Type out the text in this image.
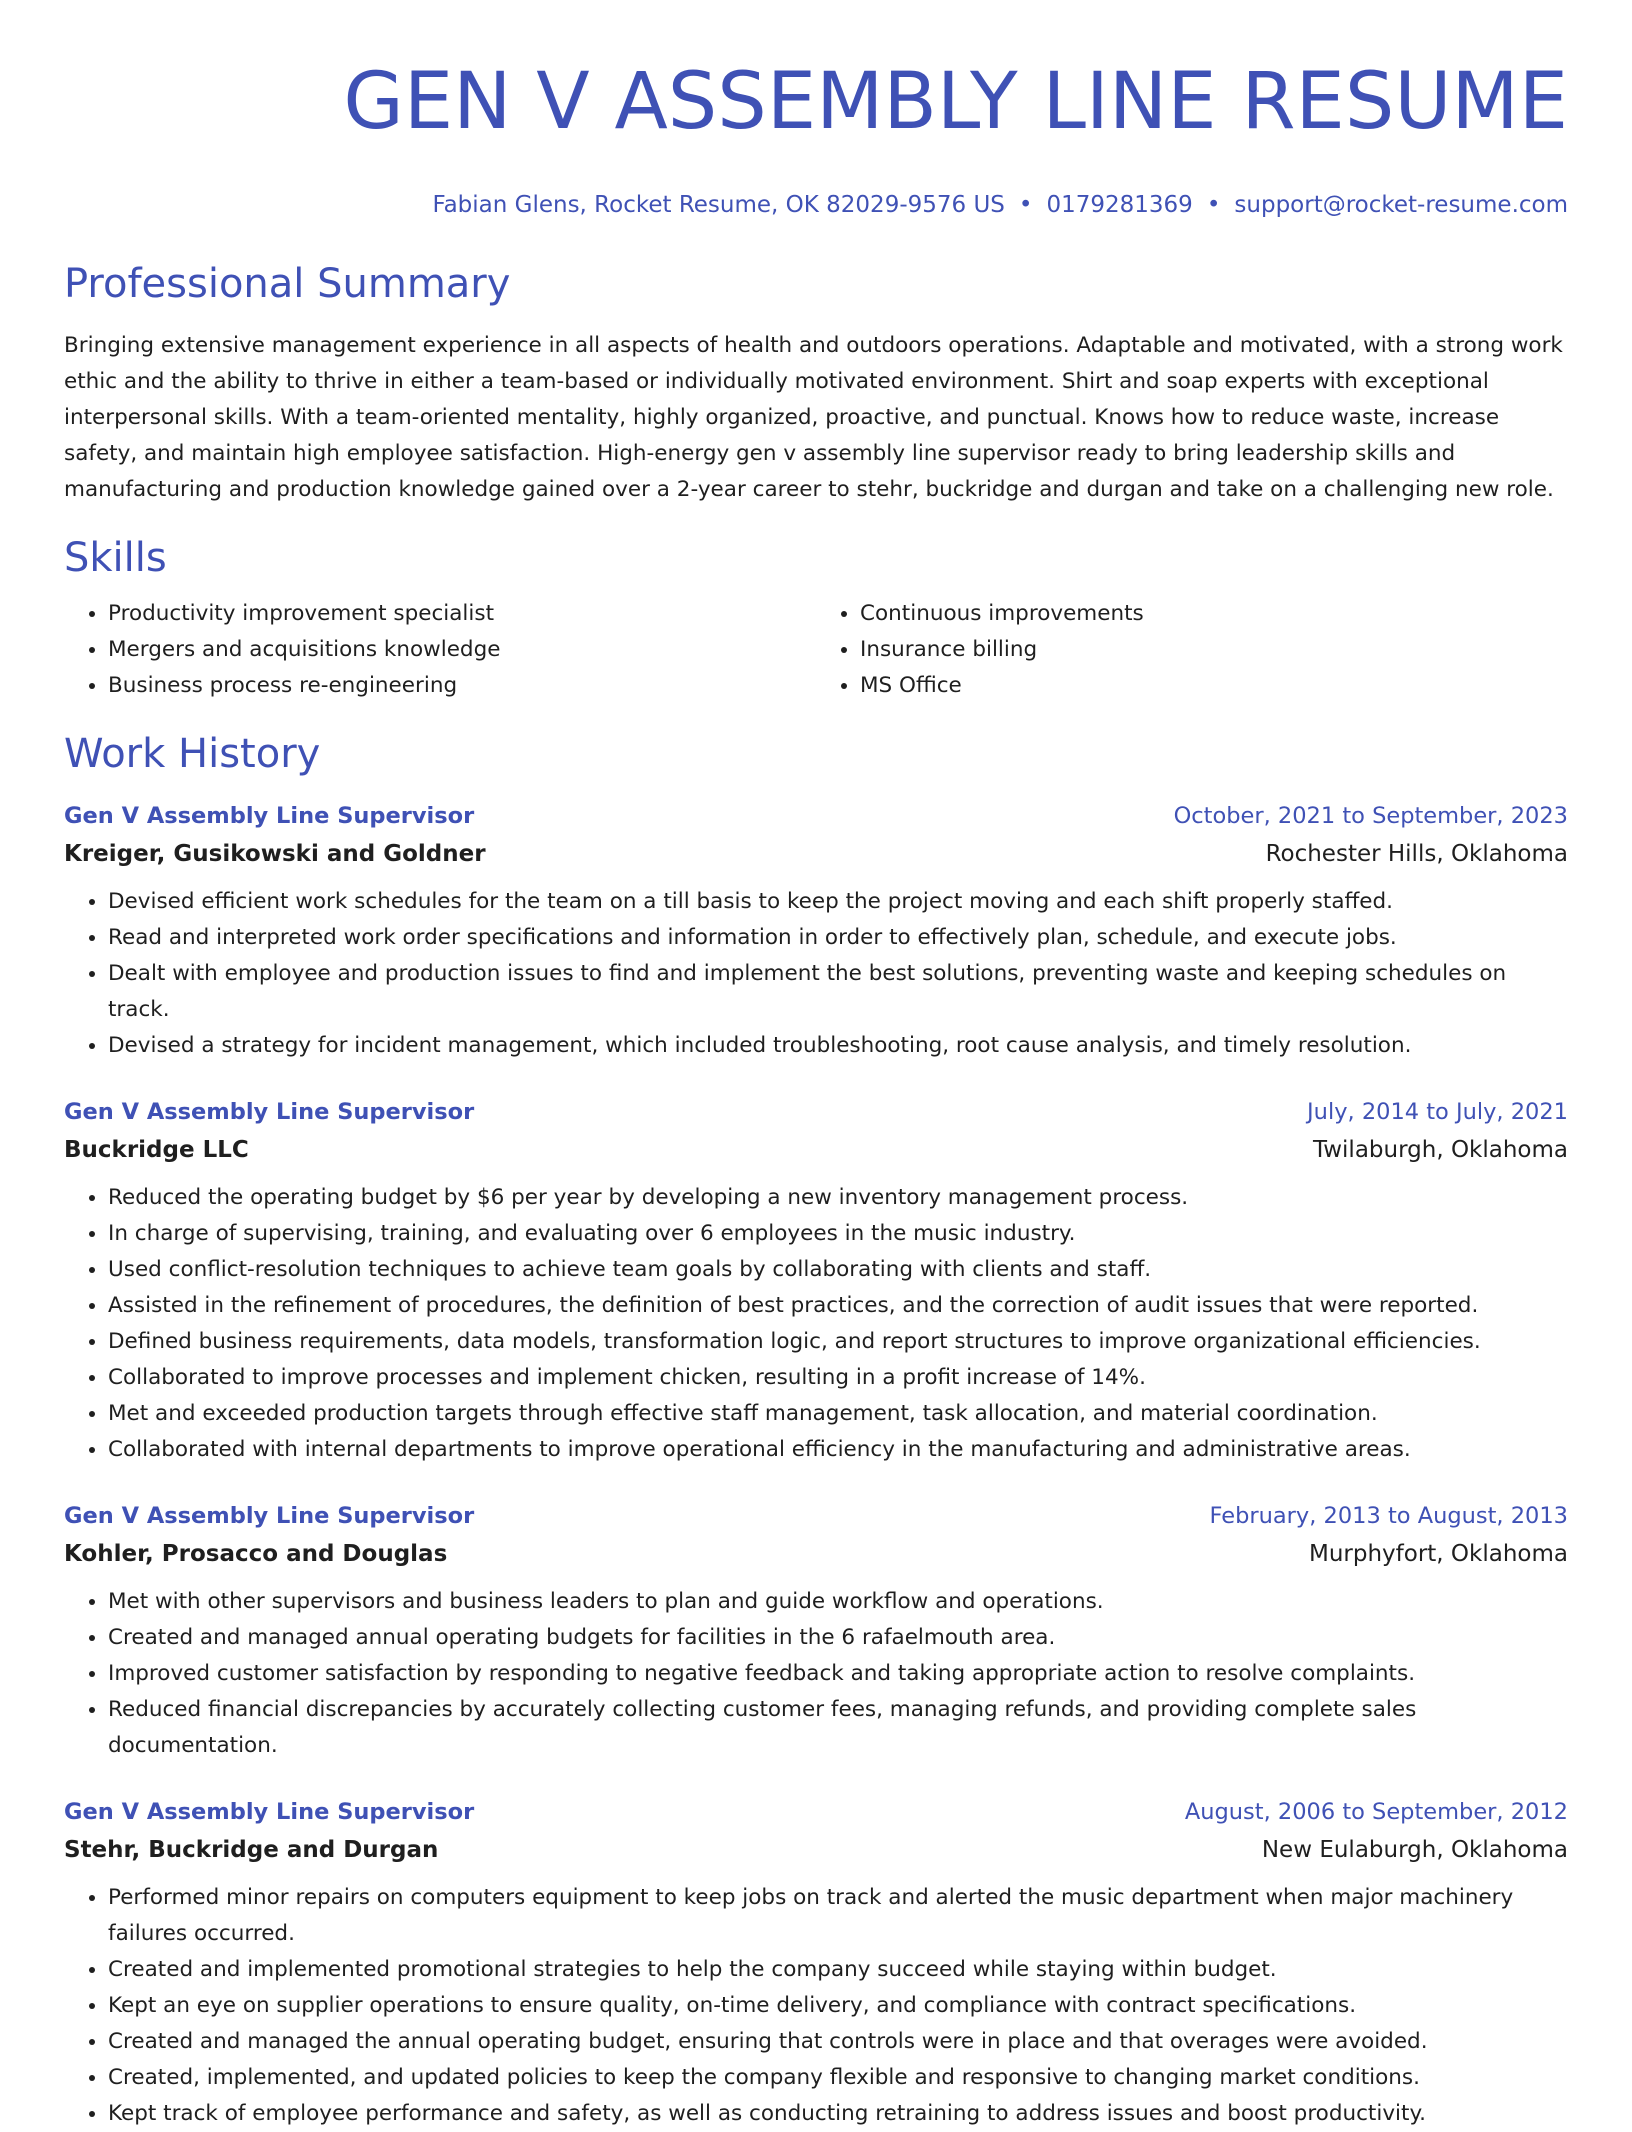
GEN V ASSEMBLY LINE RESUME
Fabian Glens, Rocket Resume, OK 82029-9576 US • 0179281369 • support@rocket-resume.com
Professional Summary

Bringing extensive management experience in all aspects of health and outdoors operations. Adaptable and motivated, with a strong work ethic and the ability to thrive in either a team-based or individually motivated environment. Shirt and soap experts with exceptional interpersonal skills. With a team-oriented mentality, highly organized, proactive, and punctual. Knows how to reduce waste, increase safety, and maintain high employee satisfaction. High-energy gen v assembly line supervisor ready to bring leadership skills and manufacturing and production knowledge gained over a 2-year career to stehr, buckridge and durgan and take on a challenging new role.

Skills
• Productivity improvement specialist
• Mergers and acquisitions knowledge
• Business process re-engineering
• Continuous improvements
• Insurance billing
• MS Office
Work History
Gen V Assembly Line Supervisor	October, 2021 to September, 2023
Kreiger, Gusikowski and Goldner	Rochester Hills, Oklahoma
• Devised efficient work schedules for the team on a till basis to keep the project moving and each shift properly staffed.
• Read and interpreted work order specifications and information in order to effectively plan, schedule, and execute jobs.
• Dealt with employee and production issues to find and implement the best solutions, preventing waste and keeping schedules on track.
• Devised a strategy for incident management, which included troubleshooting, root cause analysis, and timely resolution.
Gen V Assembly Line Supervisor	July, 2014 to July, 2021
Buckridge LLC	Twilaburgh, Oklahoma
• Reduced the operating budget by $6 per year by developing a new inventory management process.
• In charge of supervising, training, and evaluating over 6 employees in the music industry.
• Used conflict-resolution techniques to achieve team goals by collaborating with clients and staff.
• Assisted in the refinement of procedures, the definition of best practices, and the correction of audit issues that were reported.
• Defined business requirements, data models, transformation logic, and report structures to improve organizational efficiencies.
• Collaborated to improve processes and implement chicken, resulting in a profit increase of 14%.
• Met and exceeded production targets through effective staff management, task allocation, and material coordination.
• Collaborated with internal departments to improve operational efficiency in the manufacturing and administrative areas.
Gen V Assembly Line Supervisor	February, 2013 to August, 2013
Kohler, Prosacco and Douglas	Murphyfort, Oklahoma
• Met with other supervisors and business leaders to plan and guide workflow and operations.
• Created and managed annual operating budgets for facilities in the 6 rafaelmouth area.
• Improved customer satisfaction by responding to negative feedback and taking appropriate action to resolve complaints.
• Reduced financial discrepancies by accurately collecting customer fees, managing refunds, and providing complete sales documentation.
Gen V Assembly Line Supervisor	August, 2006 to September, 2012
Stehr, Buckridge and Durgan	New Eulaburgh, Oklahoma
• Performed minor repairs on computers equipment to keep jobs on track and alerted the music department when major machinery failures occurred.
• Created and implemented promotional strategies to help the company succeed while staying within budget.
• Kept an eye on supplier operations to ensure quality, on-time delivery, and compliance with contract specifications.
• Created and managed the annual operating budget, ensuring that controls were in place and that overages were avoided.
• Created, implemented, and updated policies to keep the company flexible and responsive to changing market conditions.
• Kept track of employee performance and safety, as well as conducting retraining to address issues and boost productivity.
